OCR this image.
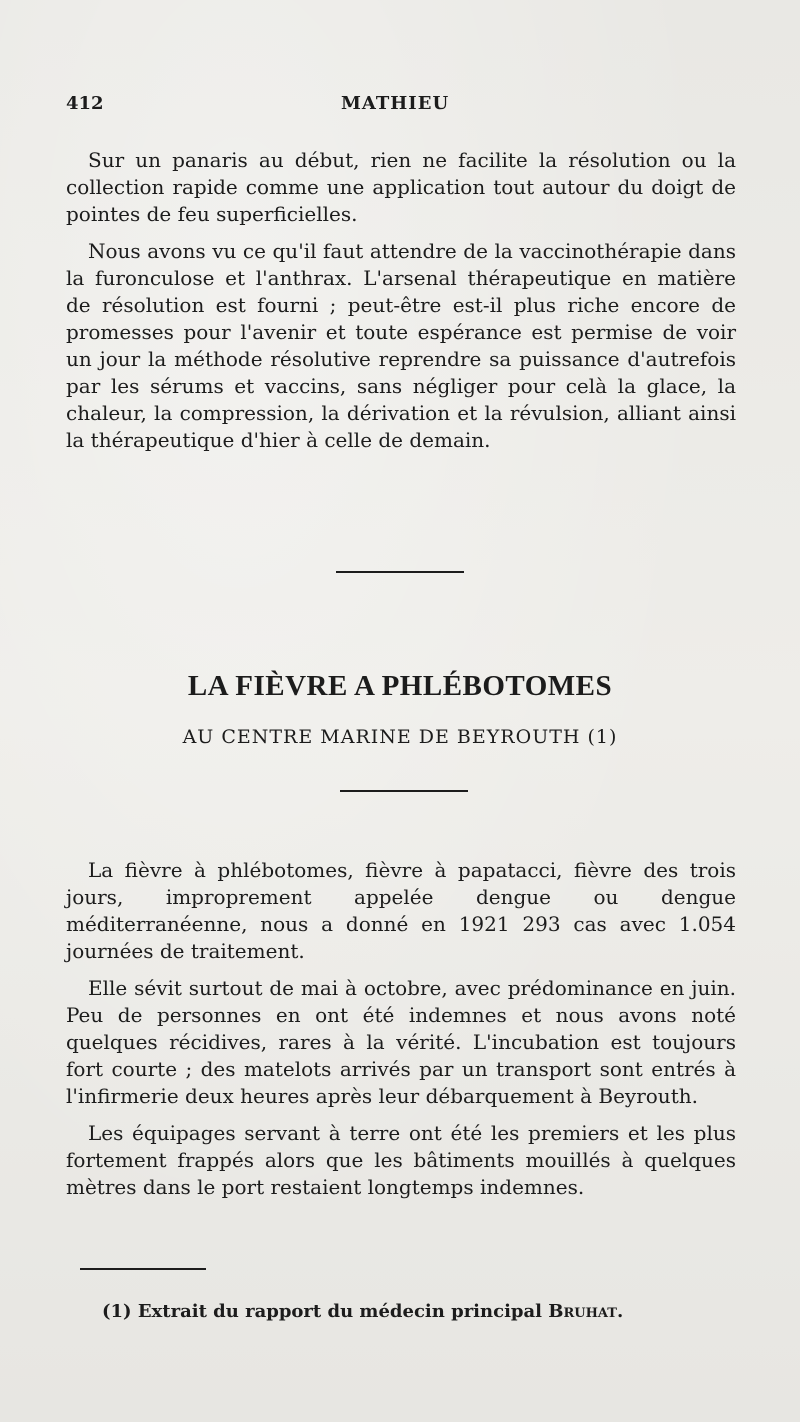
412	MATHIEU

Sur un panaris au début, rien ne facilite la résolution ou la collection rapide comme une application tout autour du doigt de pointes de feu superficielles.

Nous avons vu ce qu'il faut attendre de la vaccinothérapie dans la furonculose et l'anthrax. L'arsenal thérapeutique en matière de résolution est fourni ; peut-être est-il plus riche encore de promesses pour l'avenir et toute espérance est permise de voir un jour la méthode résolutive reprendre sa puissance d'autrefois par les sérums et vaccins, sans négliger pour celà la glace, la chaleur, la compression, la dérivation et la révulsion, alliant ainsi la thérapeutique d'hier à celle de demain.

LA FIÈVRE A PHLÉBOTOMES
AU CENTRE MARINE DE BEYROUTH (1)

La fièvre à phlébotomes, fièvre à papatacci, fièvre des trois jours, improprement appelée dengue ou dengue méditerranéenne, nous a donné en 1921 293 cas avec 1.054 journées de traitement.

Elle sévit surtout de mai à octobre, avec prédominance en juin. Peu de personnes en ont été indemnes et nous avons noté quelques récidives, rares à la vérité. L'incubation est toujours fort courte ; des matelots arrivés par un transport sont entrés à l'infirmerie deux heures après leur débarquement à Beyrouth.

Les équipages servant à terre ont été les premiers et les plus fortement frappés alors que les bâtiments mouillés à quelques mètres dans le port restaient longtemps indemnes.

(1) Extrait du rapport du médecin principal Bruhat.
